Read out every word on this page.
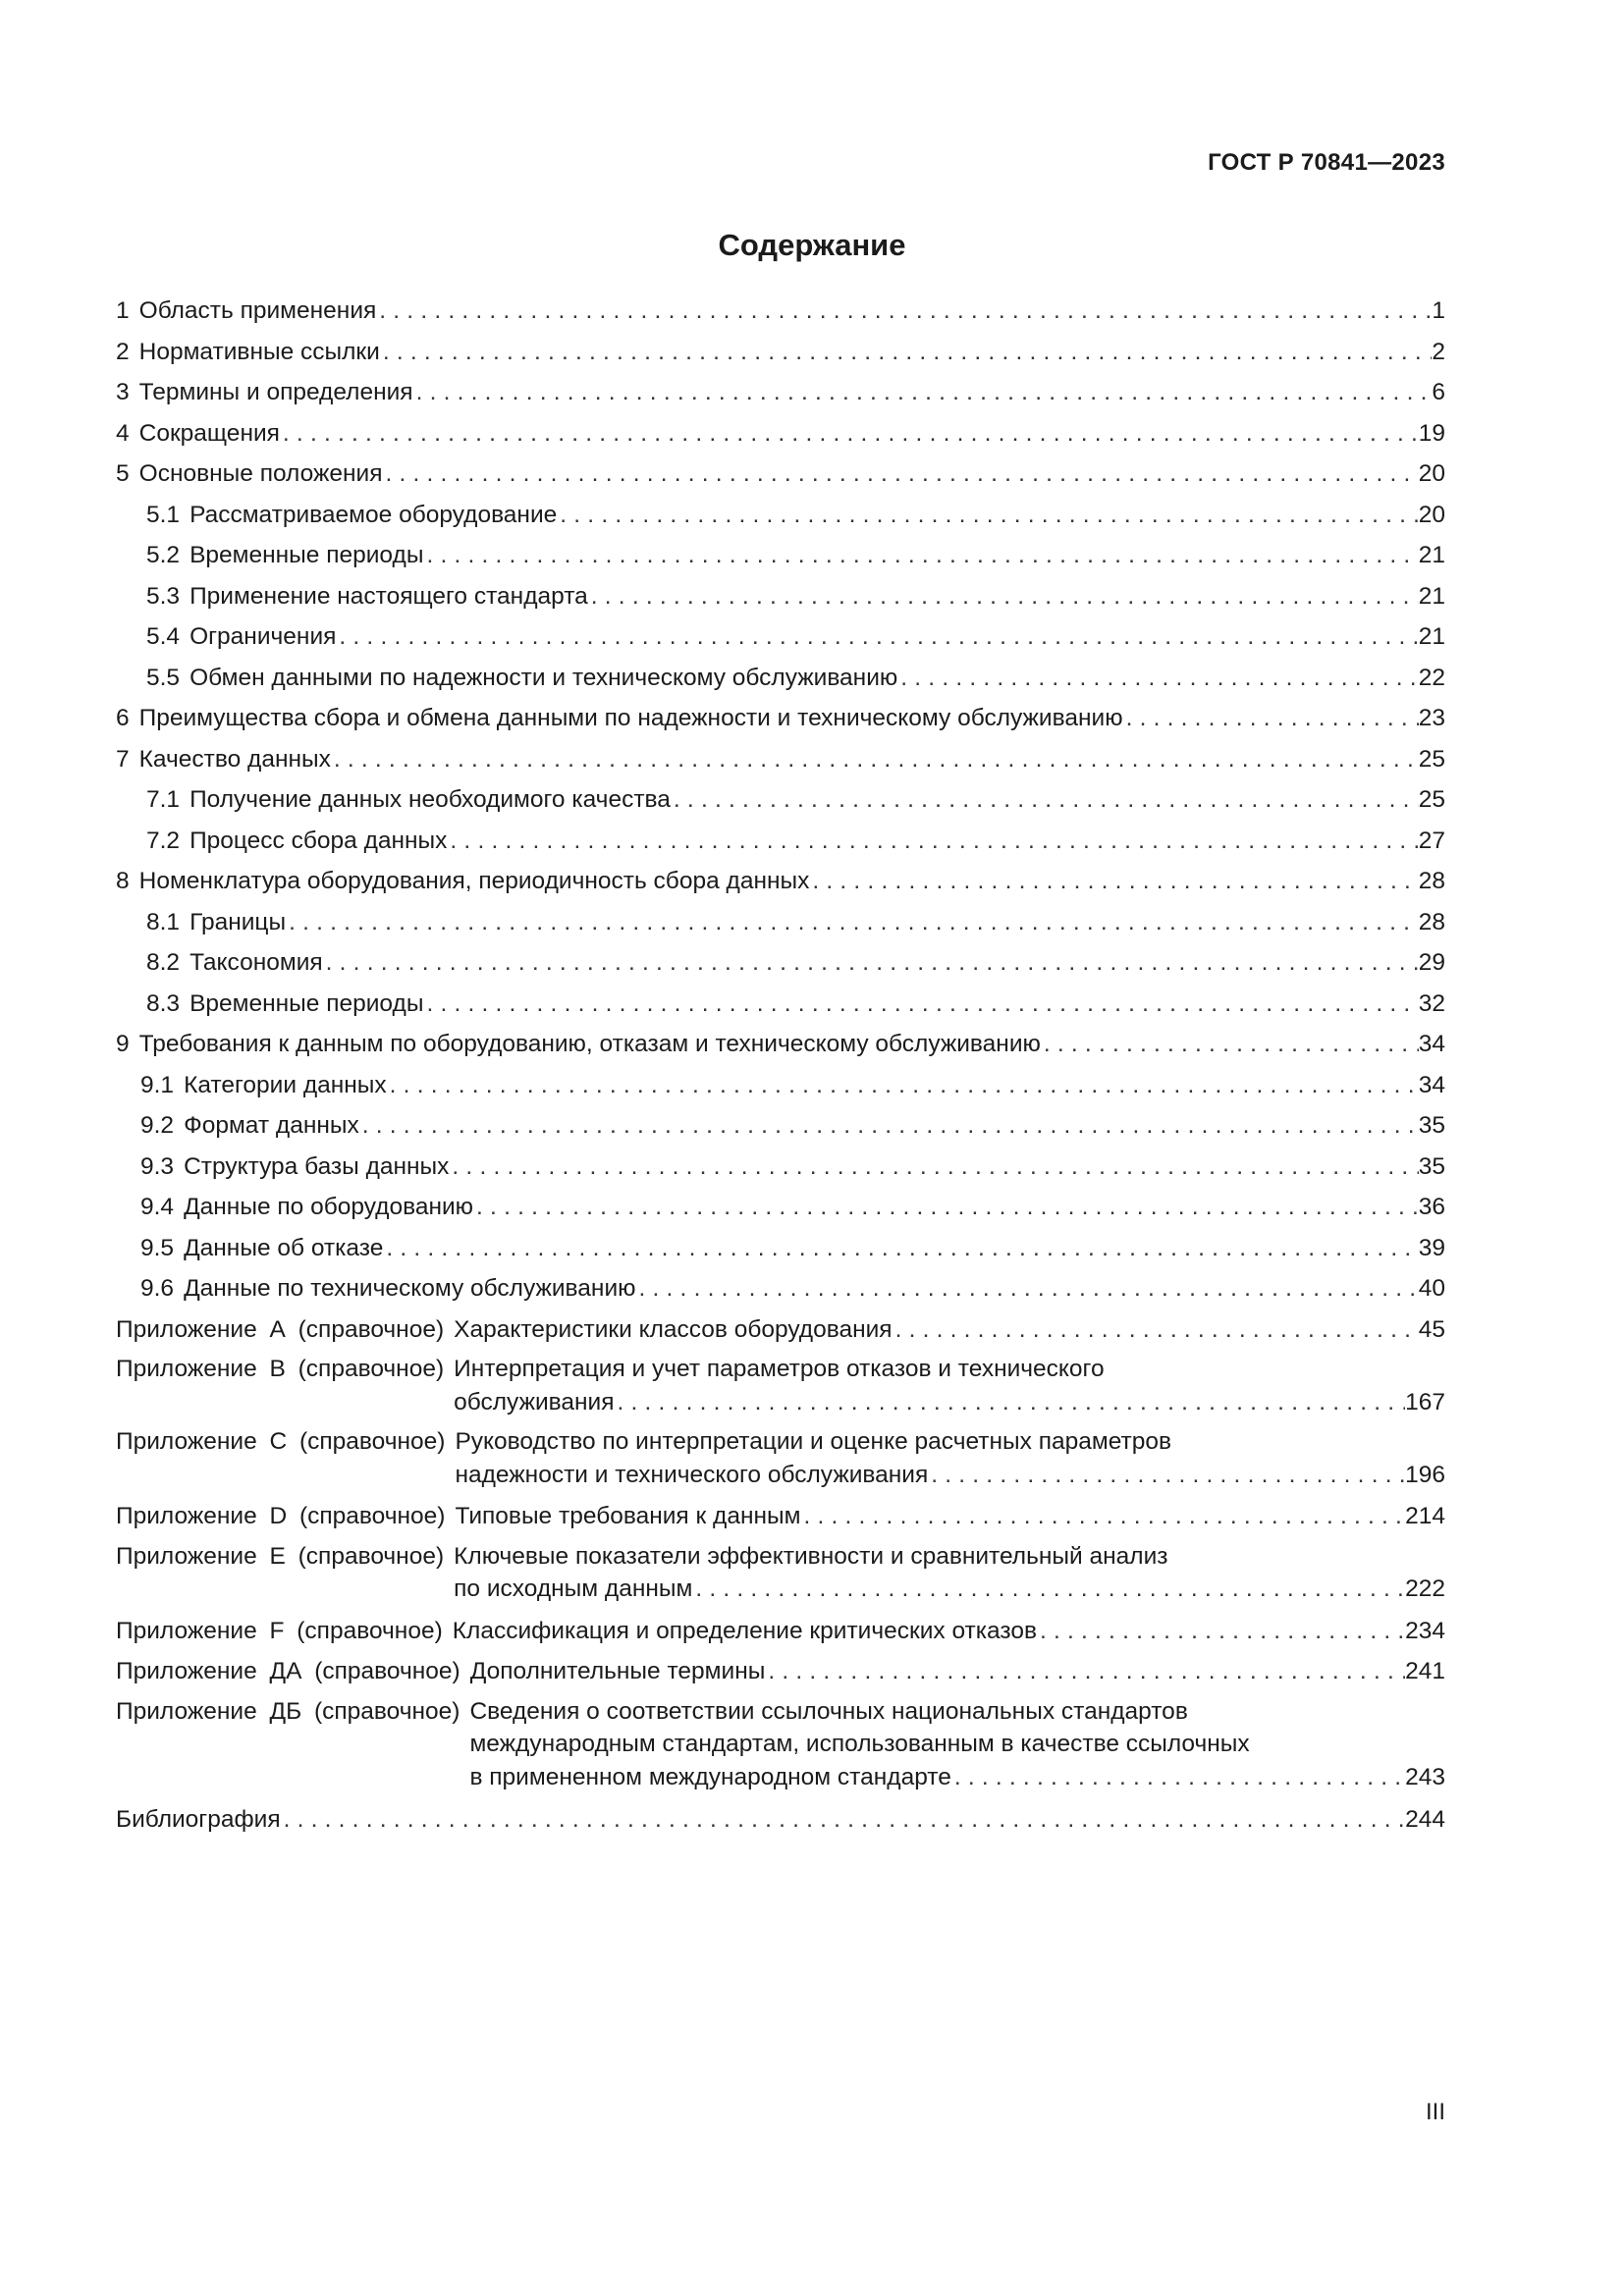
ГОСТ Р 70841—2023
Содержание
1 Область применения . . .	1
2 Нормативные ссылки . . .	2
3 Термины и определения . . .	6
4 Сокращения . . .	19
5 Основные положения . . .	20
5.1 Рассматриваемое оборудование . . .	20
5.2 Временные периоды . . .	21
5.3 Применение настоящего стандарта . . .	21
5.4 Ограничения . . .	21
5.5 Обмен данными по надежности и техническому обслуживанию . . .	22
6 Преимущества сбора и обмена данными по надежности и техническому обслуживанию . . .	23
7 Качество данных . . .	25
7.1 Получение данных необходимого качества . . .	25
7.2 Процесс сбора данных . . .	27
8 Номенклатура оборудования, периодичность сбора данных . . .	28
8.1 Границы . . .	28
8.2 Таксономия . . .	29
8.3 Временные периоды . . .	32
9 Требования к данным по оборудованию, отказам и техническому обслуживанию . . .	34
9.1 Категории данных . . .	34
9.2 Формат данных . . .	35
9.3 Структура базы данных . . .	35
9.4 Данные по оборудованию . . .	36
9.5 Данные об отказе . . .	39
9.6 Данные по техническому обслуживанию . . .	40
Приложение А (справочное) Характеристики классов оборудования . . .	45
Приложение В (справочное) Интерпретация и учет параметров отказов и технического
обслуживания . . .	167
Приложение С (справочное) Руководство по интерпретации и оценке расчетных параметров
надежности и технического обслуживания . . .	196
Приложение D (справочное) Типовые требования к данным . . .	214
Приложение Е (справочное) Ключевые показатели эффективности и сравнительный анализ
по исходным данным . . .	222
Приложение F (справочное) Классификация и определение критических отказов . . .	234
Приложение ДА (справочное) Дополнительные термины . . .	241
Приложение ДБ (справочное) Сведения о соответствии ссылочных национальных стандартов
международным стандартам, использованным в качестве ссылочных
в примененном международном стандарте . . .	243
Библиография . . .	244
III
